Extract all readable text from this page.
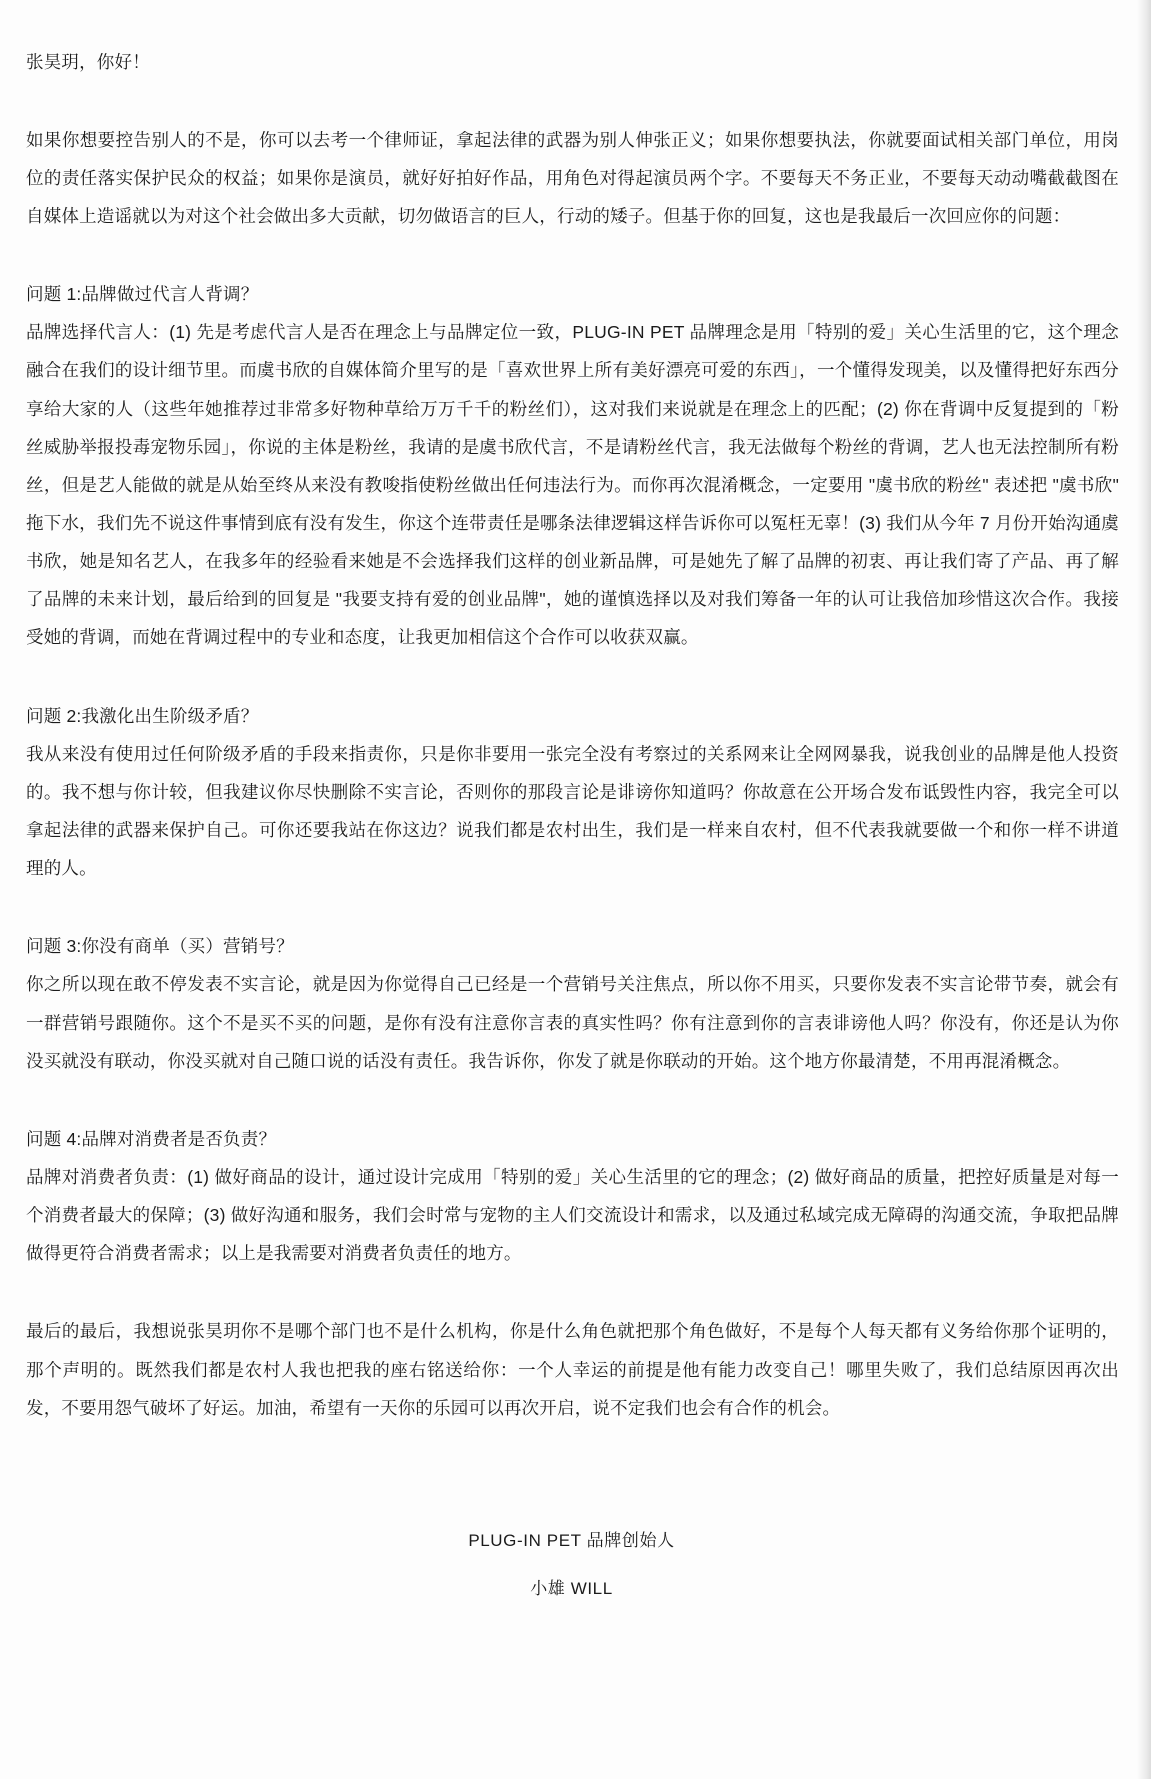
张昊玥，你好！

如果你想要控告别人的不是，你可以去考一个律师证，拿起法律的武器为别人伸张正义；如果你想要执法，你就要面试相关部门单位，用岗位的责任落实保护民众的权益；如果你是演员，就好好拍好作品，用角色对得起演员两个字。不要每天不务正业，不要每天动动嘴截截图在自媒体上造谣就以为对这个社会做出多大贡献，切勿做语言的巨人，行动的矮子。但基于你的回复，这也是我最后一次回应你的问题：

问题 1:品牌做过代言人背调？

品牌选择代言人：(1) 先是考虑代言人是否在理念上与品牌定位一致，PLUG-IN PET 品牌理念是用「特别的爱」关心生活里的它，这个理念融合在我们的设计细节里。而虞书欣的自媒体简介里写的是「喜欢世界上所有美好漂亮可爱的东西」，一个懂得发现美，以及懂得把好东西分享给大家的人（这些年她推荐过非常多好物种草给万万千千的粉丝们），这对我们来说就是在理念上的匹配；(2) 你在背调中反复提到的「粉丝威胁举报投毒宠物乐园」，你说的主体是粉丝，我请的是虞书欣代言，不是请粉丝代言，我无法做每个粉丝的背调，艺人也无法控制所有粉丝，但是艺人能做的就是从始至终从来没有教唆指使粉丝做出任何违法行为。而你再次混淆概念，一定要用 "虞书欣的粉丝" 表述把 "虞书欣" 拖下水，我们先不说这件事情到底有没有发生，你这个连带责任是哪条法律逻辑这样告诉你可以冤枉无辜！(3) 我们从今年 7 月份开始沟通虞书欣，她是知名艺人，在我多年的经验看来她是不会选择我们这样的创业新品牌，可是她先了解了品牌的初衷、再让我们寄了产品、再了解了品牌的未来计划，最后给到的回复是 "我要支持有爱的创业品牌"，她的谨慎选择以及对我们筹备一年的认可让我倍加珍惜这次合作。我接受她的背调，而她在背调过程中的专业和态度，让我更加相信这个合作可以收获双赢。

问题 2:我激化出生阶级矛盾？

我从来没有使用过任何阶级矛盾的手段来指责你，只是你非要用一张完全没有考察过的关系网来让全网网暴我，说我创业的品牌是他人投资的。我不想与你计较，但我建议你尽快删除不实言论，否则你的那段言论是诽谤你知道吗？你故意在公开场合发布诋毁性内容，我完全可以拿起法律的武器来保护自己。可你还要我站在你这边？说我们都是农村出生，我们是一样来自农村，但不代表我就要做一个和你一样不讲道理的人。

问题 3:你没有商单（买）营销号？

你之所以现在敢不停发表不实言论，就是因为你觉得自己已经是一个营销号关注焦点，所以你不用买，只要你发表不实言论带节奏，就会有一群营销号跟随你。这个不是买不买的问题，是你有没有注意你言表的真实性吗？你有注意到你的言表诽谤他人吗？你没有，你还是认为你没买就没有联动，你没买就对自己随口说的话没有责任。我告诉你，你发了就是你联动的开始。这个地方你最清楚，不用再混淆概念。

问题 4:品牌对消费者是否负责？

品牌对消费者负责：(1) 做好商品的设计，通过设计完成用「特别的爱」关心生活里的它的理念；(2) 做好商品的质量，把控好质量是对每一个消费者最大的保障；(3) 做好沟通和服务，我们会时常与宠物的主人们交流设计和需求，以及通过私域完成无障碍的沟通交流，争取把品牌做得更符合消费者需求；以上是我需要对消费者负责任的地方。

最后的最后，我想说张昊玥你不是哪个部门也不是什么机构，你是什么角色就把那个角色做好，不是每个人每天都有义务给你那个证明的，那个声明的。既然我们都是农村人我也把我的座右铭送给你：一个人幸运的前提是他有能力改变自己！哪里失败了，我们总结原因再次出发，不要用怨气破坏了好运。加油，希望有一天你的乐园可以再次开启，说不定我们也会有合作的机会。

PLUG-IN PET 品牌创始人
小雄 WILL
